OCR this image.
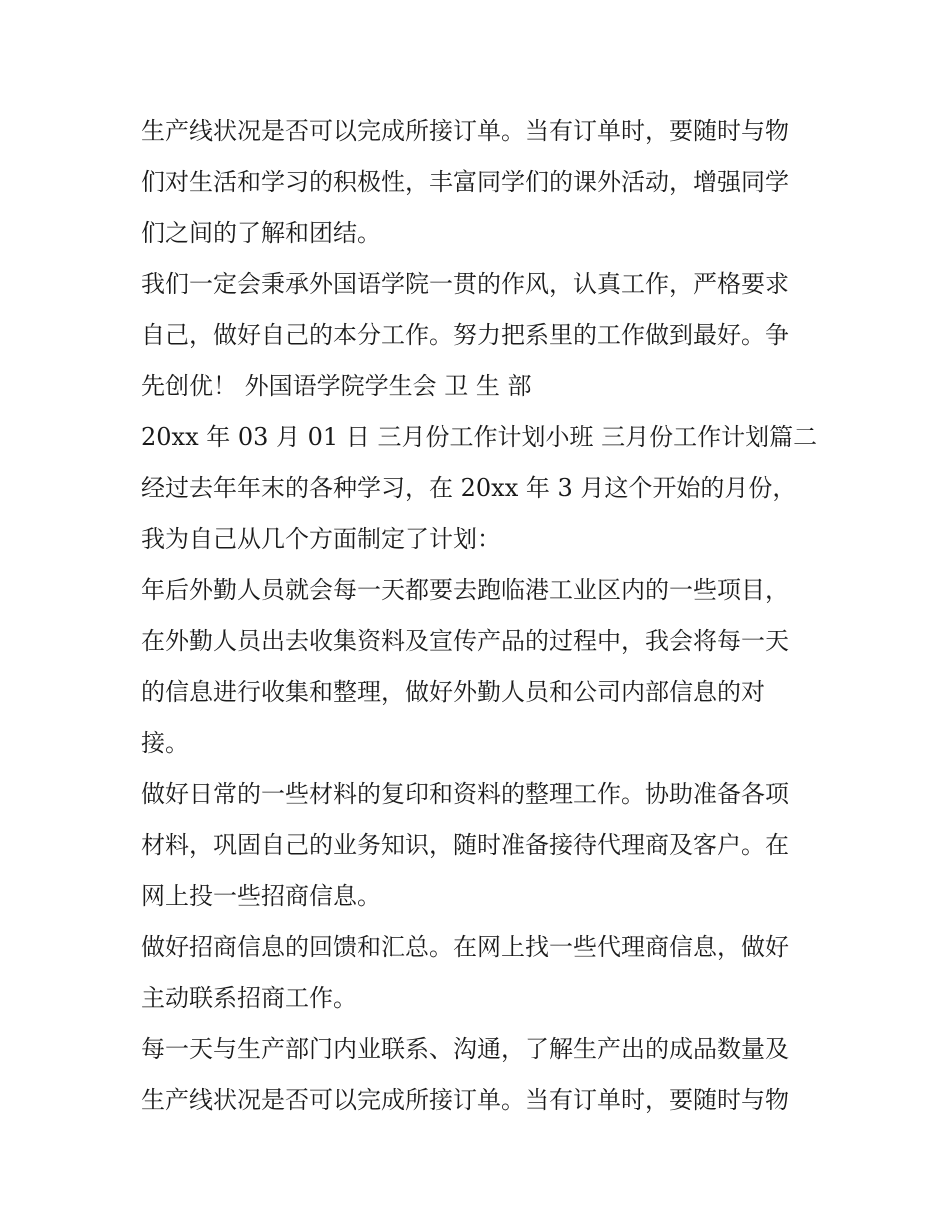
生产线状况是否可以完成所接订单。当有订单时，要随时与物
们对生活和学习的积极性，丰富同学们的课外活动，增强同学
们之间的了解和团结。

我们一定会秉承外国语学院一贯的作风，认真工作，严格要求
自己，做好自己的本分工作。努力把系里的工作做到最好。争
先创优！ 外国语学院学生会 卫 生 部

20xx 年 03 月 01 日 三月份工作计划小班 三月份工作计划篇二
经过去年年末的各种学习，在 20xx 年 3 月这个开始的月份，
我为自己从几个方面制定了计划：

年后外勤人员就会每一天都要去跑临港工业区内的一些项目，
在外勤人员出去收集资料及宣传产品的过程中，我会将每一天
的信息进行收集和整理，做好外勤人员和公司内部信息的对
接。

做好日常的一些材料的复印和资料的整理工作。协助准备各项
材料，巩固自己的业务知识，随时准备接待代理商及客户。在
网上投一些招商信息。

做好招商信息的回馈和汇总。在网上找一些代理商信息，做好
主动联系招商工作。

每一天与生产部门内业联系、沟通，了解生产出的成品数量及
生产线状况是否可以完成所接订单。当有订单时，要随时与物
